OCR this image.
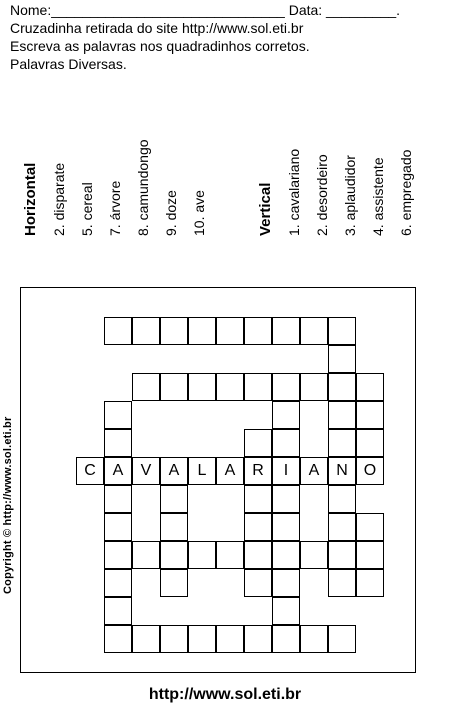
Nome:______________________________ Data: _________.
Cruzadinha retirada do site http://www.sol.eti.br
Escreva as palavras nos quadradinhos corretos.
Palavras Diversas.
Horizontal 2. disparate 5. cereal 7. árvore 8. camundongo 9. doze 10. ave	Vertical 1. cavalariano 2. desordeiro 3. aplaudidor 4. assistente 6. empregado
C	A	V	A	L	A	R	I	A	N O
Copyright © http://www.sol.eti.br
http://www.sol.eti.br
